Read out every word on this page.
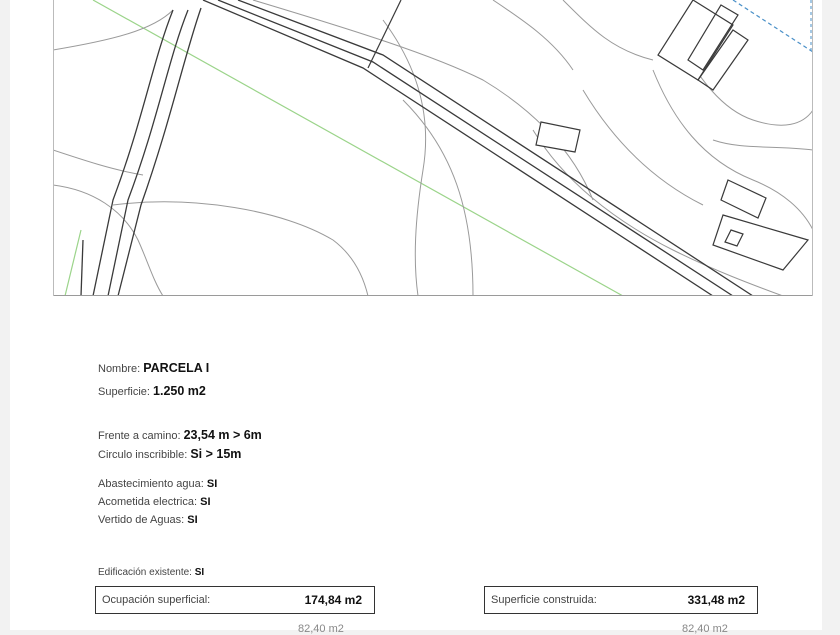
Nombre: PARCELA I
Superficie: 1.250 m2
Frente a camino: 23,54 m > 6m
Circulo inscribible: Si > 15m
Abastecimiento agua: SI
Acometida electrica: SI
Vertido de Aguas: SI
Edificación existente: SI
Ocupación superficial:	174,84 m2	Superficie construida:	331,48 m2
82,40 m2	82,40 m2
